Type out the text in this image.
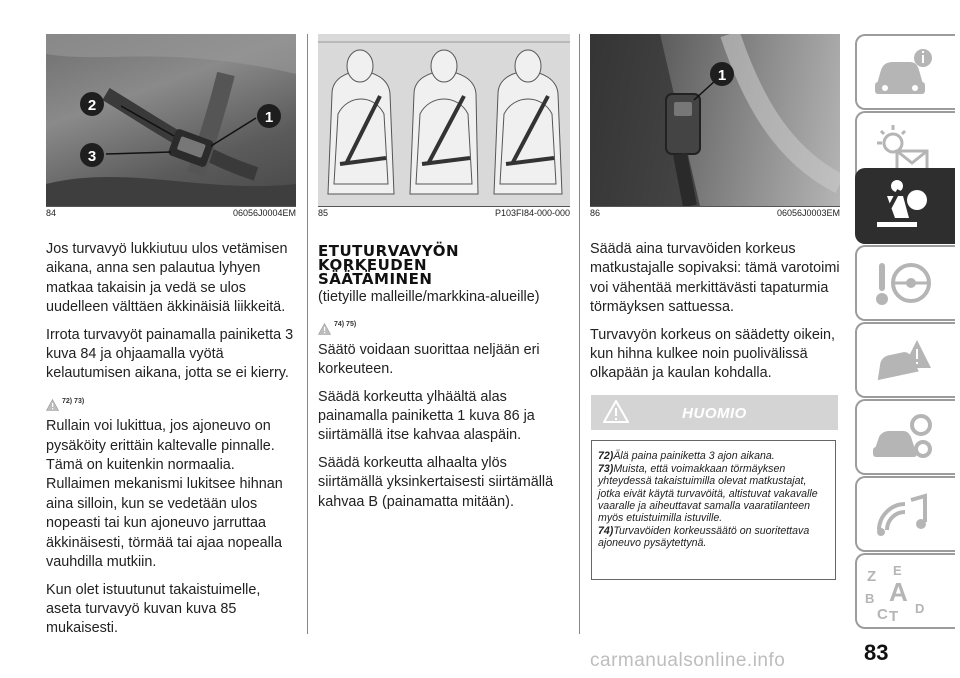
2
1
3
84	06056J0004EM 85	P103FI84-000-000
1
86	06056J0003EM

Jos turvavyö lukkiutuu ulos vetämisen aikana, anna sen palautua lyhyen matkaa takaisin ja vedä se ulos uudelleen välttäen äkkinäisiä liikkeitä.

Irrota turvavyöt painamalla painiketta 3 kuva 84 ja ohjaamalla vyötä kelautumisen aikana, jotta se ei kierry.

72) 73)

Rullain voi lukittua, jos ajoneuvo on pysäköity erittäin kaltevalle pinnalle. Tämä on kuitenkin normaalia. Rullaimen mekanismi lukitsee hihnan aina silloin, kun se vedetään ulos nopeasti tai kun ajoneuvo jarruttaa äkkinäisesti, törmää tai ajaa nopealla vauhdilla mutkiin.

Kun olet istuutunut takaistuimelle, aseta turvavyö kuvan kuva 85 mukaisesti.

ETUTURVAVYÖN
KORKEUDEN
SÄÄTÄMINEN

(tietyille malleille/markkina-alueille)

74) 75)

Säätö voidaan suorittaa neljään eri korkeuteen.

Säädä korkeutta ylhäältä alas painamalla painiketta 1 kuva 86 ja siirtämällä itse kahvaa alaspäin.

Säädä korkeutta alhaalta ylös siirtämällä yksinkertaisesti siirtämällä kahvaa B (painamatta mitään).

Säädä aina turvavöiden korkeus matkustajalle sopivaksi: tämä varotoimi voi vähentää merkittävästi tapaturmia törmäyksen sattuessa.

Turvavyön korkeus on säädetty oikein, kun hihna kulkee noin puolivälissä olkapään ja kaulan kohdalla.

HUOMIO
72)Älä paina painiketta 3 ajon aikana.
73)Muista, että voimakkaan törmäyksen yhteydessä takaistuimilla olevat matkustajat, jotka eivät käytä turvavöitä, altistuvat vakavalle vaaralle ja aiheuttavat samalla vaaratilanteen myös etuistuimilla istuville.
74)Turvavöiden korkeussäätö on suoritettava ajoneuvo pysäytettynä.
Z E
B A
C T D
83
carmanualsonline.info
